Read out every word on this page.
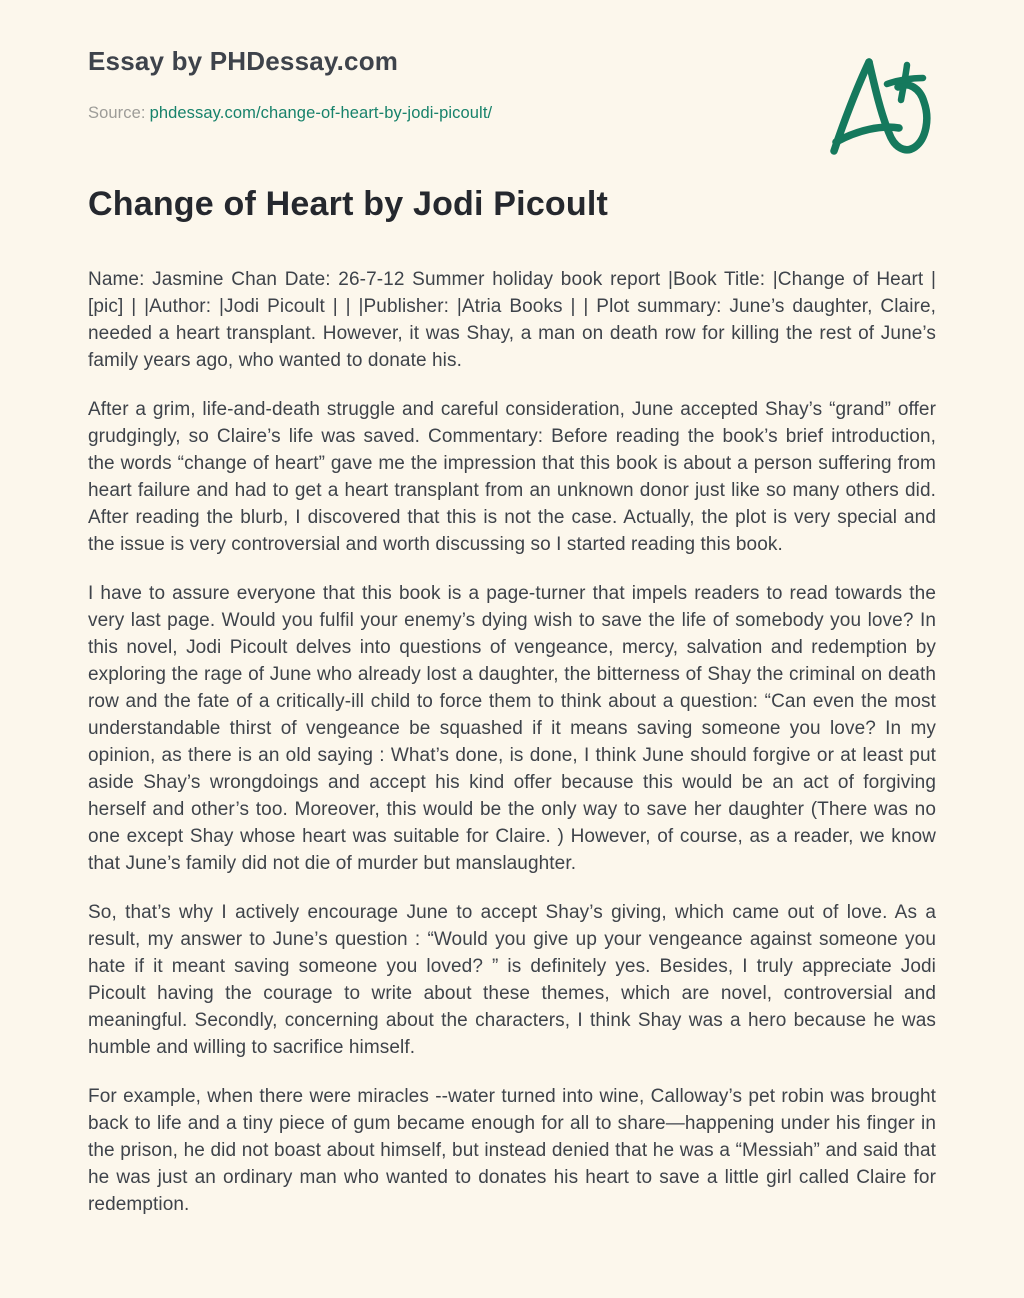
Essay by PHDessay.com
Source: phdessay.com/change-of-heart-by-jodi-picoult/
Change of Heart by Jodi Picoult

Name: Jasmine Chan Date: 26-7-12 Summer holiday book report |Book Title: |Change of Heart |[pic] | |Author: |Jodi Picoult | | |Publisher: |Atria Books | | Plot summary: June’s daughter, Claire, needed a heart transplant. However, it was Shay, a man on death row for killing the rest of June’s family years ago, who wanted to donate his.

After a grim, life-and-death struggle and careful consideration, June accepted Shay’s “grand” offer grudgingly, so Claire’s life was saved. Commentary: Before reading the book’s brief introduction, the words “change of heart” gave me the impression that this book is about a person suffering from heart failure and had to get a heart transplant from an unknown donor just like so many others did. After reading the blurb, I discovered that this is not the case. Actually, the plot is very special and the issue is very controversial and worth discussing so I started reading this book.

I have to assure everyone that this book is a page-turner that impels readers to read towards the very last page. Would you fulfil your enemy’s dying wish to save the life of somebody you love? In this novel, Jodi Picoult delves into questions of vengeance, mercy, salvation and redemption by exploring the rage of June who already lost a daughter, the bitterness of Shay the criminal on death row and the fate of a critically-ill child to force them to think about a question: “Can even the most understandable thirst of vengeance be squashed if it means saving someone you love? In my opinion, as there is an old saying : What’s done, is done, I think June should forgive or at least put aside Shay’s wrongdoings and accept his kind offer because this would be an act of forgiving herself and other’s too. Moreover, this would be the only way to save her daughter (There was no one except Shay whose heart was suitable for Claire. ) However, of course, as a reader, we know that June’s family did not die of murder but manslaughter.

So, that’s why I actively encourage June to accept Shay’s giving, which came out of love. As a result, my answer to June’s question : “Would you give up your vengeance against someone you hate if it meant saving someone you loved? ” is definitely yes. Besides, I truly appreciate Jodi Picoult having the courage to write about these themes, which are novel, controversial and meaningful. Secondly, concerning about the characters, I think Shay was a hero because he was humble and willing to sacrifice himself.

For example, when there were miracles --water turned into wine, Calloway’s pet robin was brought back to life and a tiny piece of gum became enough for all to share—happening under his finger in the prison, he did not boast about himself, but instead denied that he was a “Messiah” and said that he was just an ordinary man who wanted to donates his heart to save a little girl called Claire for redemption.
